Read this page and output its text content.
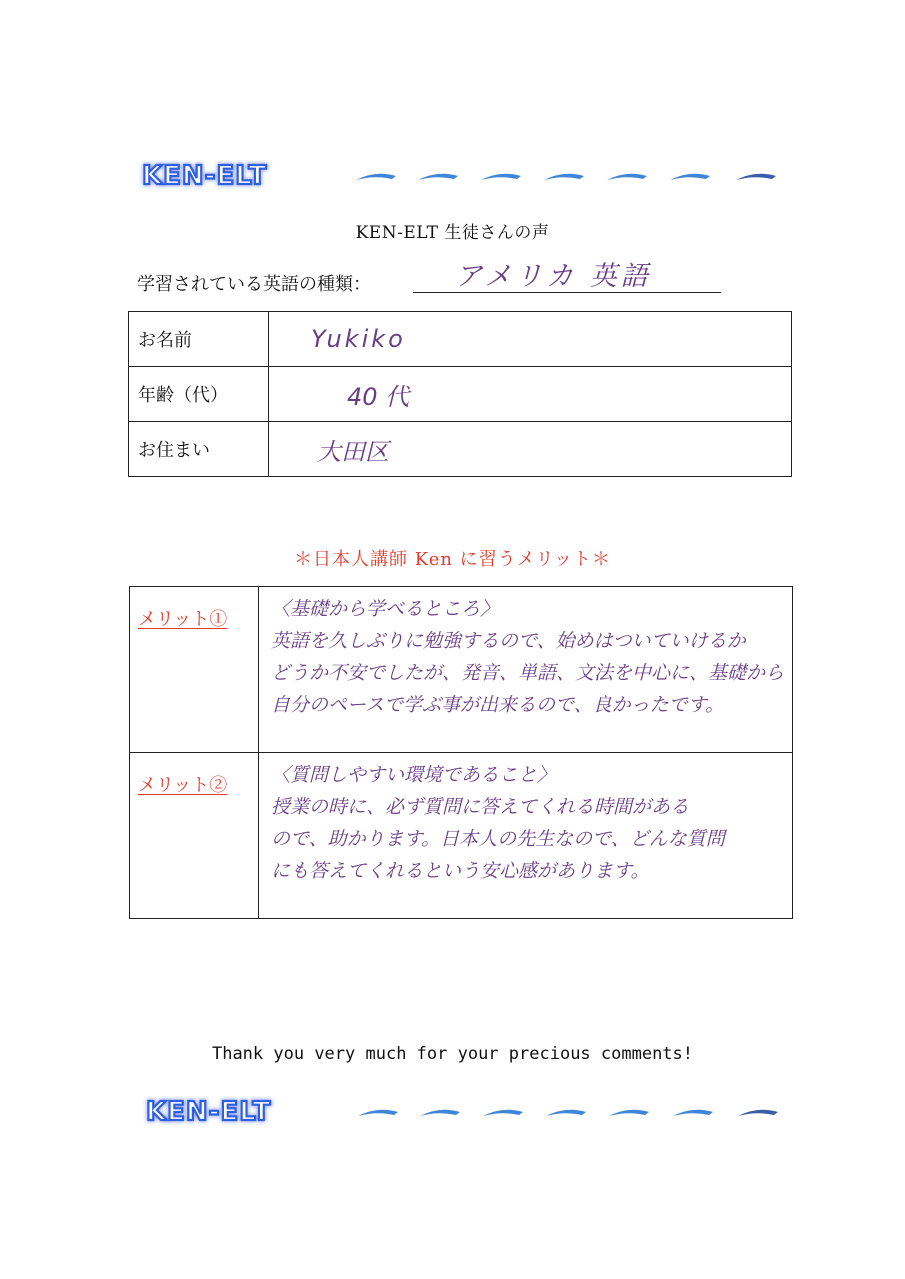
KEN-ELT
KEN-ELT 生徒さんの声
学習されている英語の種類：	アメリカ 英語
お名前	Yukiko
年齢（代）	40 代
お住まい	大田区
＊日本人講師 Ken に習うメリット＊
メリット①	〈基礎から学べるところ〉
英語を久しぶりに勉強するので、始めはついていけるか
どうか不安でしたが、発音、単語、文法を中心に、基礎から
自分のペースで学ぶ事が出来るので、良かったです。

メリット②	〈質問しやすい環境であること〉
授業の時に、必ず質問に答えてくれる時間がある
ので、助かります。日本人の先生なので、どんな質問
にも答えてくれるという安心感があります。
Thank you very much for your precious comments!
KEN-ELT
